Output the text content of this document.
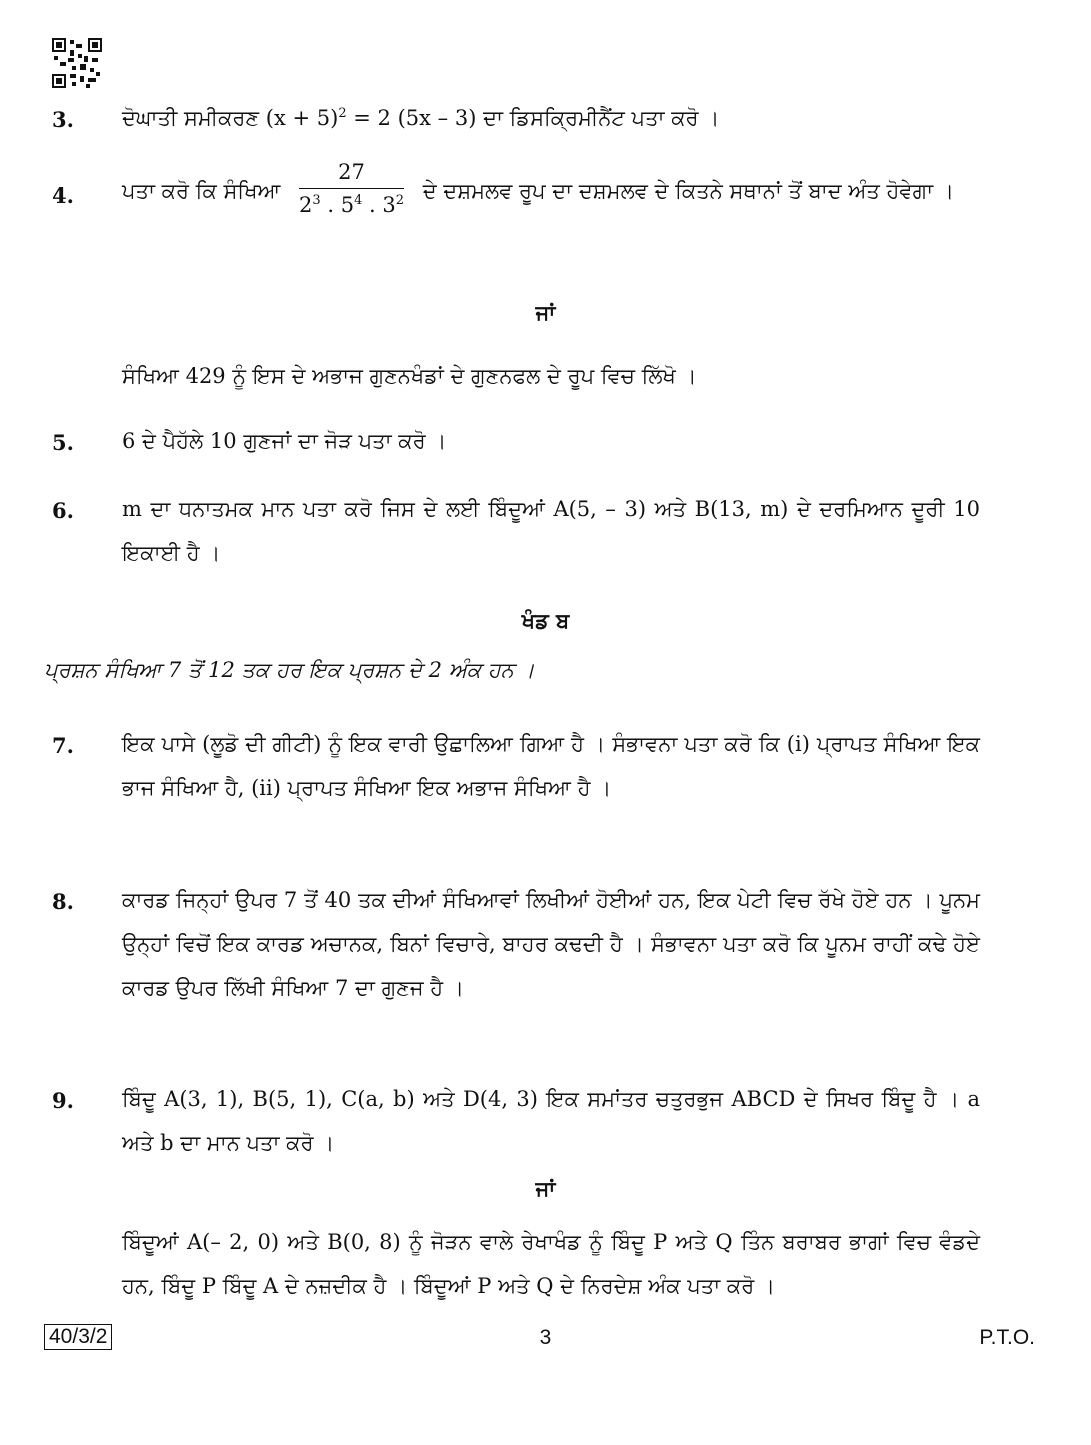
3. ਦੋਘਾਤੀ ਸਮੀਕਰਣ $(x + 5)^2 = 2$ (5x – 3) ਦਾ ਡਿਸਕ੍ਰਿਮੀਨੈਂਟ ਪਤਾ ਕਰੋ ।
4. ਪਤਾ ਕਰੋ ਕਿ ਸੰਖਿਆ $\frac{27}{2^3 . 5^4 . 3^2}$ ਦੇ ਦਸ਼ਮਲਵ ਰੂਪ ਦਾ ਦਸ਼ਮਲਵ ਦੇ ਕਿਤਨੇ ਸਥਾਨਾਂ ਤੋਂ ਬਾਦ ਅੰਤ ਹੋਵੇਗਾ ।
ਜਾਂ
ਸੰਖਿਆ 429 ਨੂੰ ਇਸ ਦੇ ਅਭਾਜ ਗੁਣਨਖੰਡਾਂ ਦੇ ਗੁਣਨਫਲ ਦੇ ਰੂਪ ਵਿਚ ਲਿੱਖੋ ।
5. 6 ਦੇ ਪੈਹੱਲੇ 10 ਗੁਣਜਾਂ ਦਾ ਜੋੜ ਪਤਾ ਕਰੋ ।
6. m ਦਾ ਧਨਾਤਮਕ ਮਾਨ ਪਤਾ ਕਰੋ ਜਿਸ ਦੇ ਲਈ ਬਿੰਦੂਆਂ A(5, – 3) ਅਤੇ B(13, m) ਦੇ ਦਰਮਿਆਨ ਦੂਰੀ 10 ਇਕਾਈ ਹੈ ।
ਖੰਡ ਬ
ਪ੍ਰਸ਼ਨ ਸੰਖਿਆ 7 ਤੋਂ 12 ਤਕ ਹਰ ਇਕ ਪ੍ਰਸ਼ਨ ਦੇ 2 ਅੰਕ ਹਨ ।
7. ਇਕ ਪਾਸੇ (ਲੂਡੋ ਦੀ ਗੀਟੀ) ਨੂੰ ਇਕ ਵਾਰੀ ਉਛਾਲਿਆ ਗਿਆ ਹੈ । ਸੰਭਾਵਨਾ ਪਤਾ ਕਰੋ ਕਿ (i) ਪ੍ਰਾਪਤ ਸੰਖਿਆ ਇਕ ਭਾਜ ਸੰਖਿਆ ਹੈ, (ii) ਪ੍ਰਾਪਤ ਸੰਖਿਆ ਇਕ ਅਭਾਜ ਸੰਖਿਆ ਹੈ ।
8. ਕਾਰਡ ਜਿਨ੍ਹਾਂ ਉਪਰ 7 ਤੋਂ 40 ਤਕ ਦੀਆਂ ਸੰਖਿਆਵਾਂ ਲਿਖੀਆਂ ਹੋਈਆਂ ਹਨ, ਇਕ ਪੇਟੀ ਵਿਚ ਰੱਖੇ ਹੋਏ ਹਨ । ਪੂਨਮ ਉਨ੍ਹਾਂ ਵਿਚੋਂ ਇਕ ਕਾਰਡ ਅਚਾਨਕ, ਬਿਨਾਂ ਵਿਚਾਰੇ, ਬਾਹਰ ਕਢਦੀ ਹੈ । ਸੰਭਾਵਨਾ ਪਤਾ ਕਰੋ ਕਿ ਪੂਨਮ ਰਾਹੀਂ ਕਢੇ ਹੋਏ ਕਾਰਡ ਉਪਰ ਲਿੱਖੀ ਸੰਖਿਆ 7 ਦਾ ਗੁਣਜ ਹੈ ।
9. ਬਿੰਦੂ A(3, 1), B(5, 1), C(a, b) ਅਤੇ D(4, 3) ਇਕ ਸਮਾਂਤਰ ਚਤੁਰਭੁਜ ABCD ਦੇ ਸਿਖਰ ਬਿੰਦੂ ਹੈ । a ਅਤੇ b ਦਾ ਮਾਨ ਪਤਾ ਕਰੋ ।
ਜਾਂ
ਬਿੰਦੂਆਂ A(– 2, 0) ਅਤੇ B(0, 8) ਨੂੰ ਜੋੜਨ ਵਾਲੇ ਰੇਖਾਖੰਡ ਨੂੰ ਬਿੰਦੂ P ਅਤੇ Q ਤਿੰਨ ਬਰਾਬਰ ਭਾਗਾਂ ਵਿਚ ਵੰਡਦੇ ਹਨ, ਬਿੰਦੂ P ਬਿੰਦੂ A ਦੇ ਨਜ਼ਦੀਕ ਹੈ । ਬਿੰਦੂਆਂ P ਅਤੇ Q ਦੇ ਨਿਰਦੇਸ਼ ਅੰਕ ਪਤਾ ਕਰੋ ।
40/3/2	3	P.T.O.
